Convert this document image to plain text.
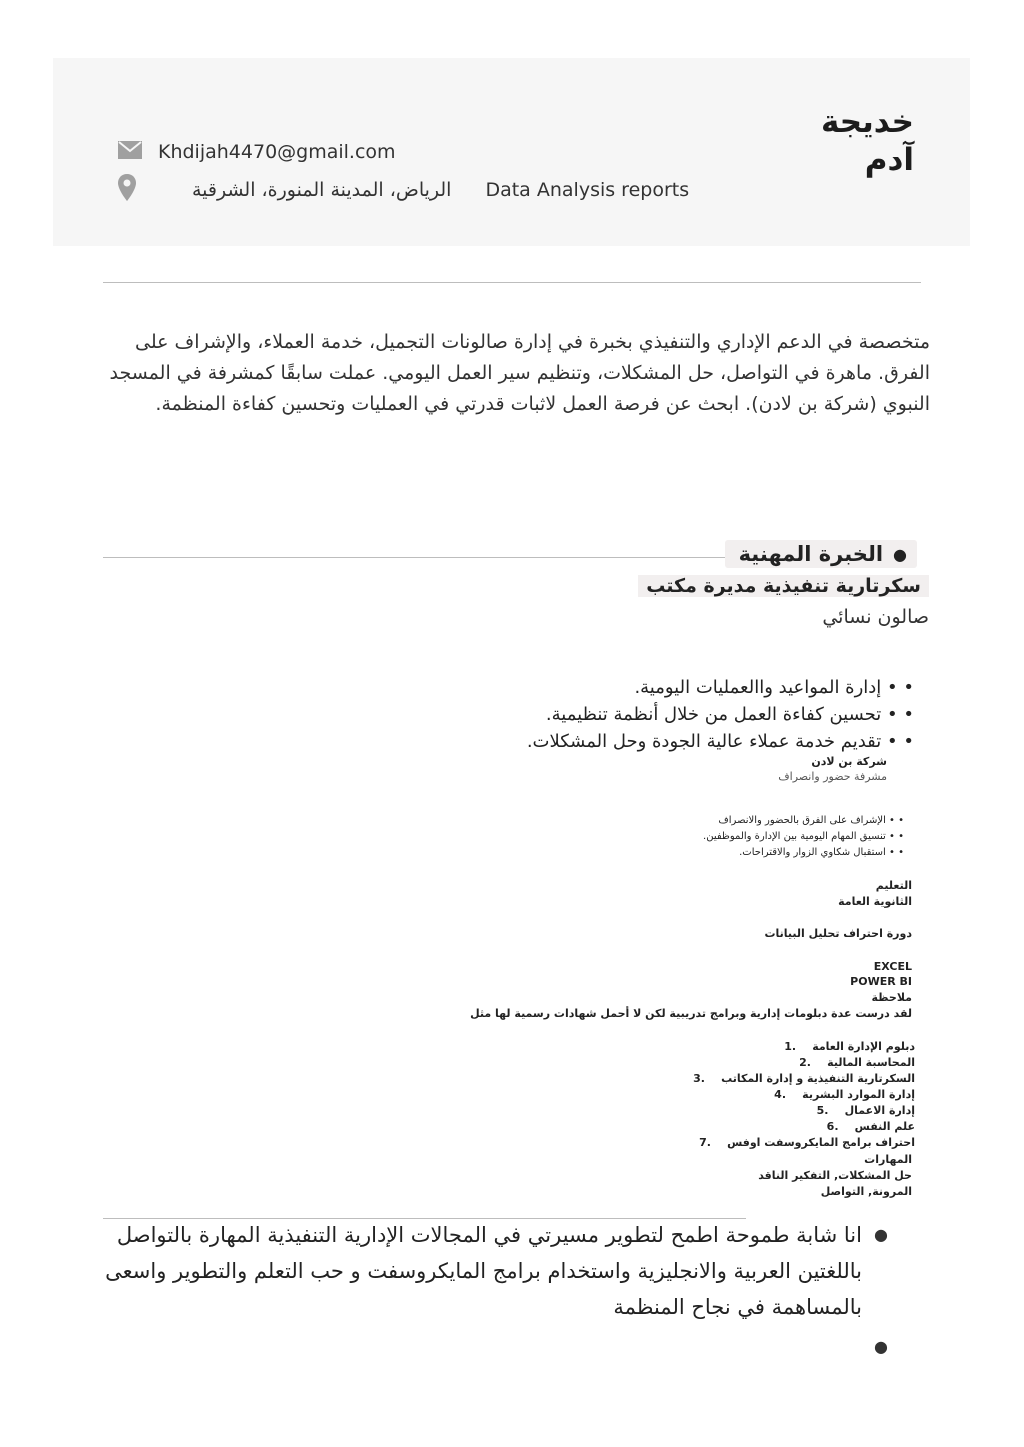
خديجة
آدم
Khdijah4470@gmail.com
الرياض، المدينة المنورة، الشرقية Data Analysis reports
متخصصة في الدعم الإداري والتنفيذي بخبرة في إدارة صالونات التجميل، خدمة العملاء، والإشراف على
الفرق. ماهرة في التواصل، حل المشكلات، وتنظيم سير العمل اليومي. عملت سابقًا كمشرفة في المسجد
النبوي (شركة بن لادن). ابحث عن فرصة العمل لاثبات قدرتي في العمليات وتحسين كفاءة المنظمة.
●
الخبرة المهنية
سكرتارية تنفيذية مديرة مكتب
صالون نسائي
• • إدارة المواعيد واالعمليات اليومية.
• • تحسين كفاءة العمل من خلال أنظمة تنظيمية.
• • تقديم خدمة عملاء عالية الجودة وحل المشكلات.
شركة بن لادن
مشرفة حضور وانصراف
• • الإشراف على الفرق بالحضور والانصراف
• • تنسيق المهام اليومية بين الإدارة والموظفين.
• • استقبال شكاوي الزوار والاقتراحات.
التعليم
الثانوية العامة
دورة احتراف تحليل البيانات
EXCEL
POWER BI
ملاحظة
لقد درست عدة دبلومات إدارية وبرامج تدريبية لكن لا أحمل شهادات رسمية لها مثل
دبلوم الإدارة العامة1.
المحاسبة المالية2.
السكرتارية التنفيذية و إدارة المكاتب3.
إدارة الموارد البشرية4.
إدارة الاعمال5.
علم النفس6.
احتراف برامج المايكروسفت اوفس7.
المهارات
حل المشكلات, التفكير الناقد
المرونة, التواصل
●
انا شابة طموحة اطمح لتطوير مسيرتي في المجالات الإدارية التنفيذية المهارة بالتواصل
باللغتين العربية والانجليزية واستخدام برامج المايكروسفت و حب التعلم والتطوير واسعى
بالمساهمة في نجاح المنظمة
●
